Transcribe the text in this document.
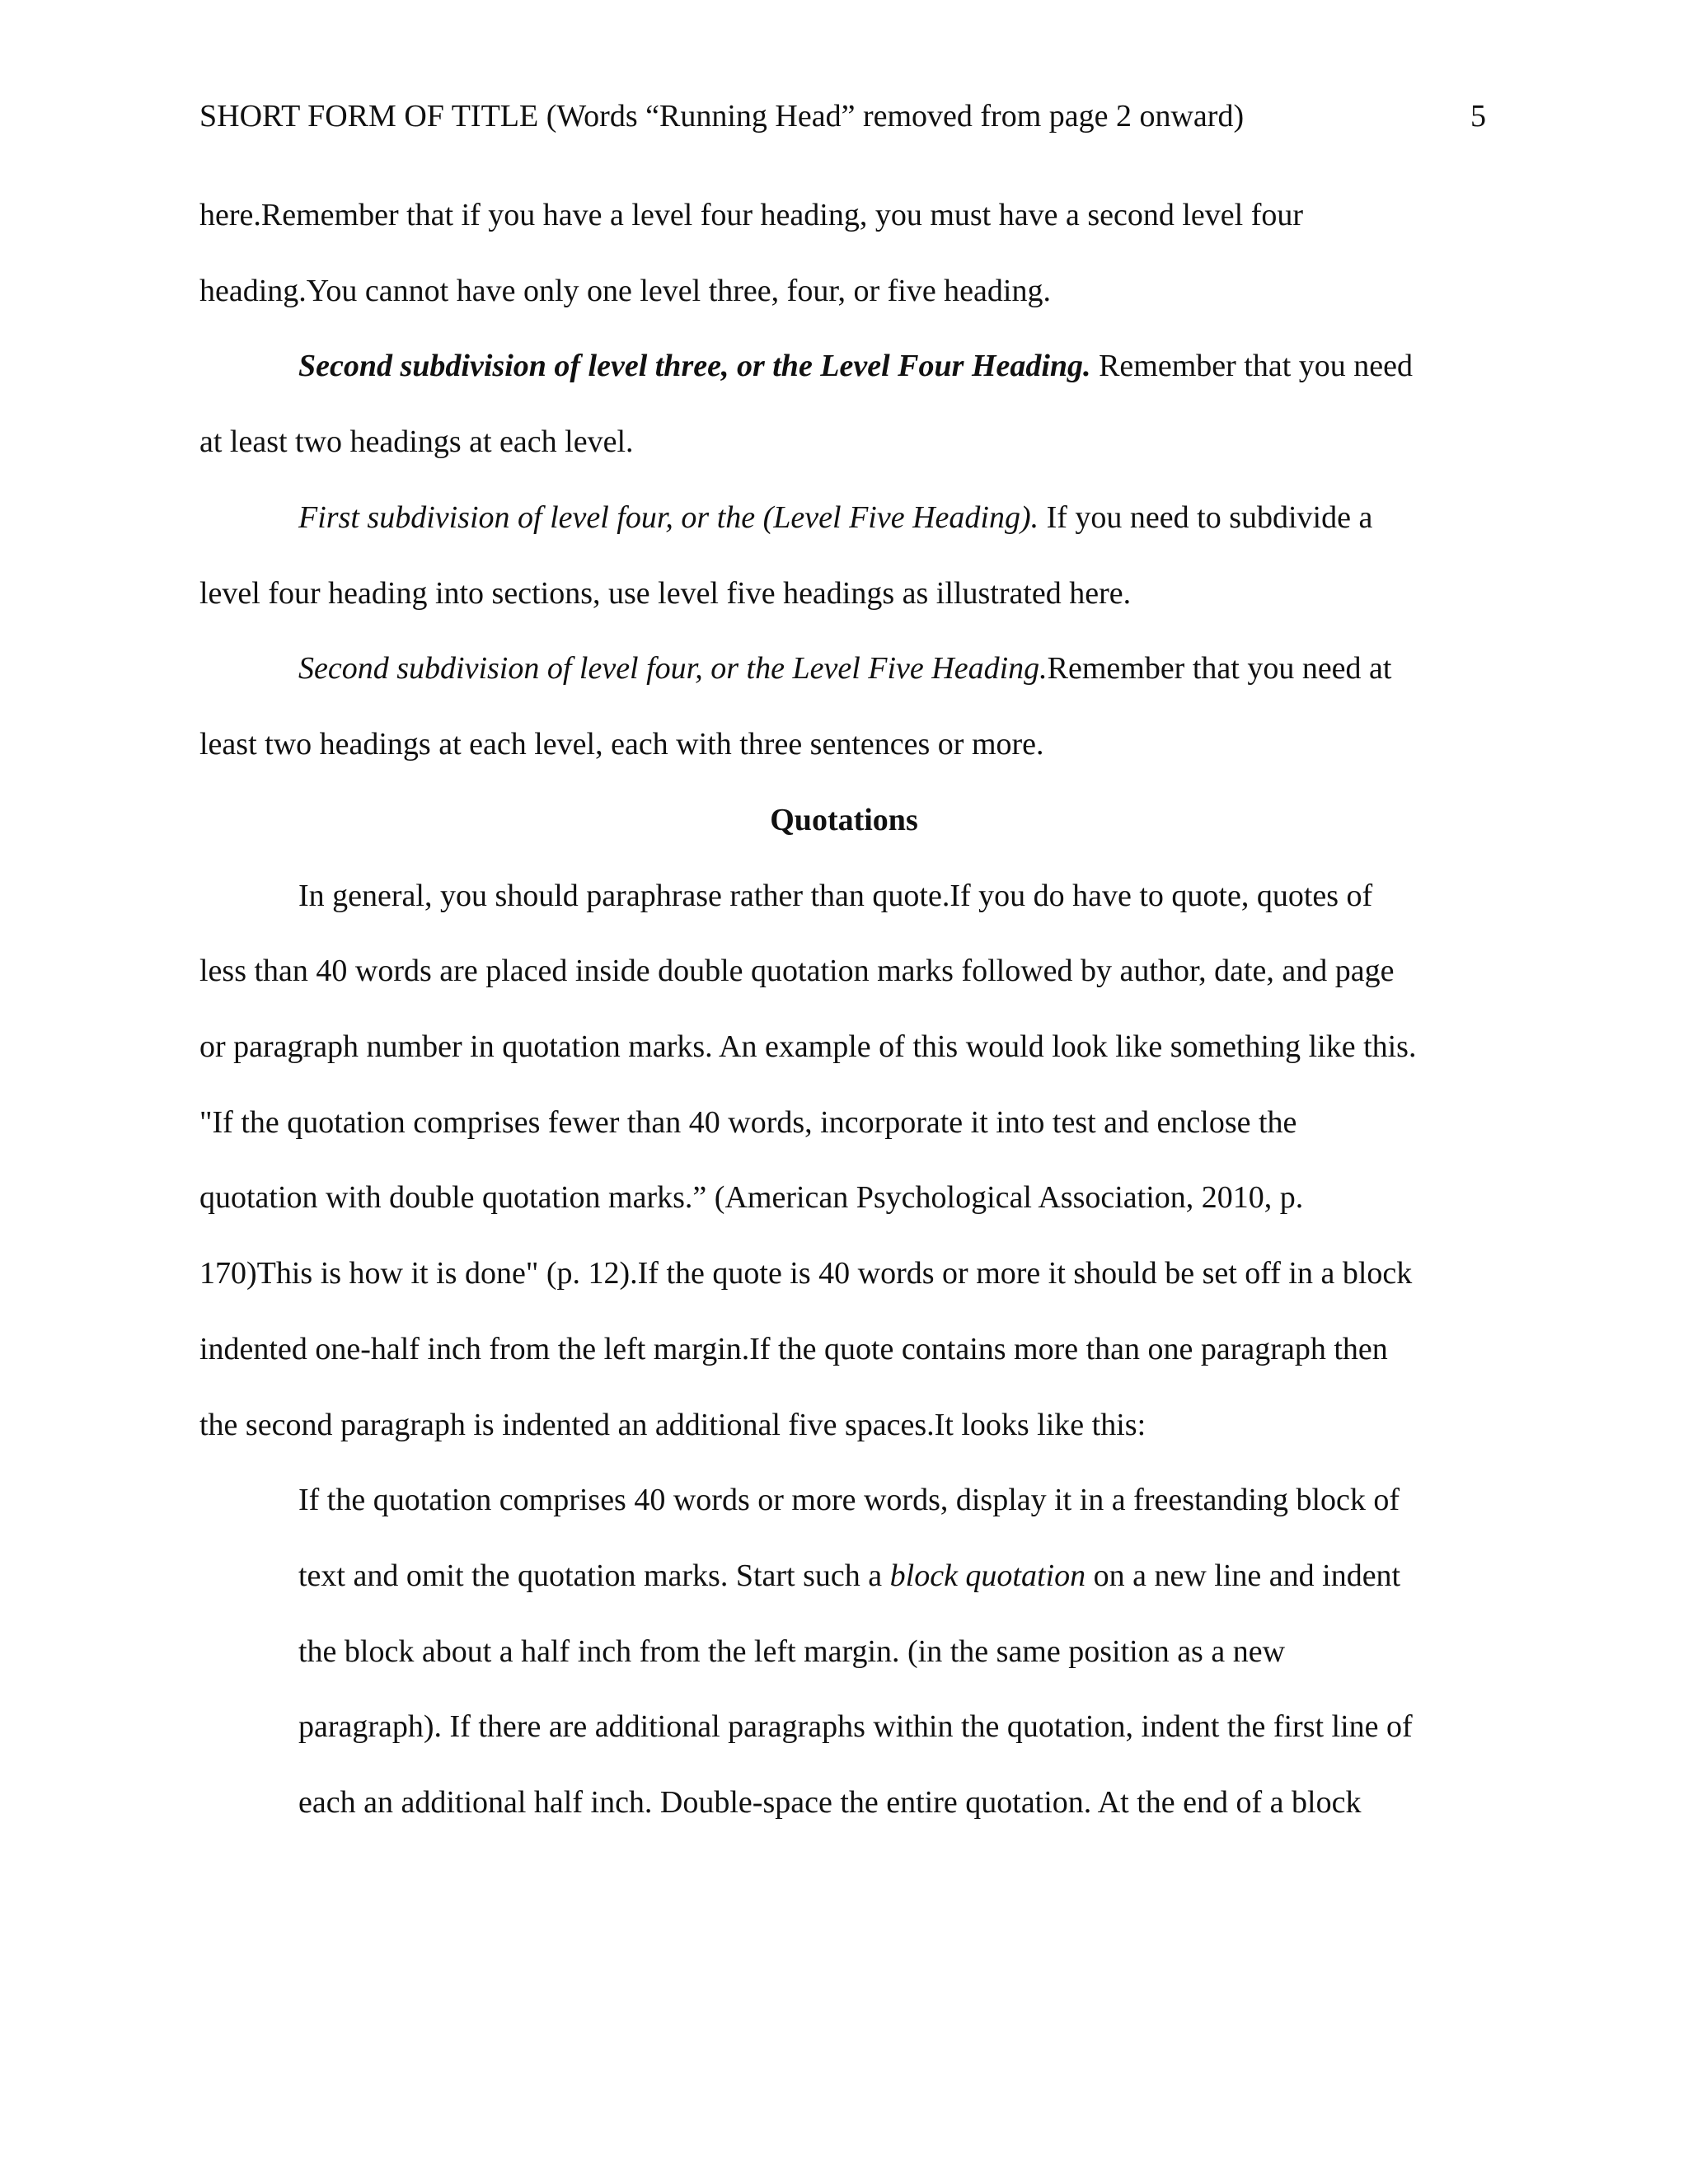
SHORT FORM OF TITLE (Words “Running Head” removed from page 2 onward)	5
here.Remember that if you have a level four heading, you must have a second level four
heading.You cannot have only one level three, four, or five heading.
Second subdivision of level three, or the Level Four Heading. Remember that you need
at least two headings at each level.
First subdivision of level four, or the (Level Five Heading). If you need to subdivide a
level four heading into sections, use level five headings as illustrated here.
Second subdivision of level four, or the Level Five Heading.Remember that you need at
least two headings at each level, each with three sentences or more.
Quotations
In general, you should paraphrase rather than quote.If you do have to quote, quotes of
less than 40 words are placed inside double quotation marks followed by author, date, and page
or paragraph number in quotation marks. An example of this would look like something like this.
"If the quotation comprises fewer than 40 words, incorporate it into test and enclose the
quotation with double quotation marks.” (American Psychological Association, 2010, p.
170)This is how it is done" (p. 12).If the quote is 40 words or more it should be set off in a block
indented one-half inch from the left margin.If the quote contains more than one paragraph then
the second paragraph is indented an additional five spaces.It looks like this:
If the quotation comprises 40 words or more words, display it in a freestanding block of
text and omit the quotation marks. Start such a block quotation on a new line and indent
the block about a half inch from the left margin. (in the same position as a new
paragraph). If there are additional paragraphs within the quotation, indent the first line of
each an additional half inch. Double-space the entire quotation. At the end of a block
